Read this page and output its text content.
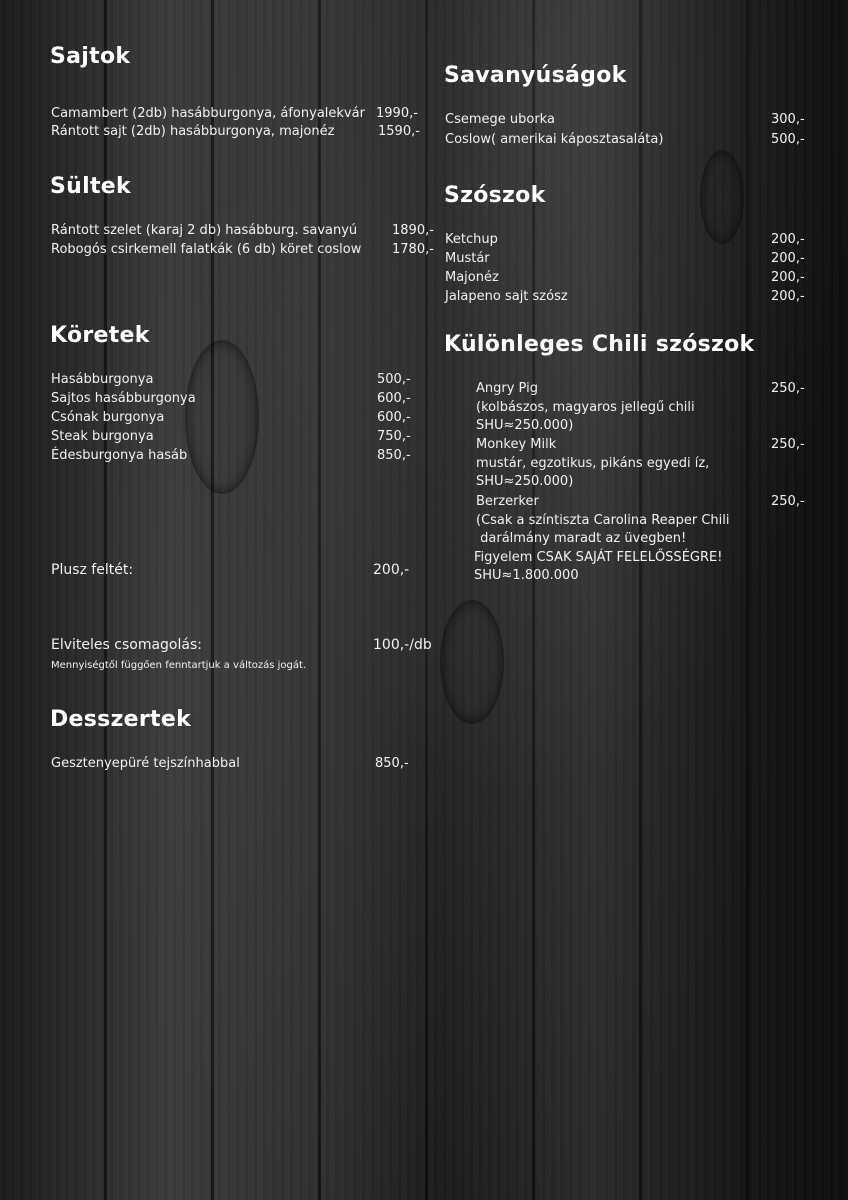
Sajtok
Camambert (2db) hasábburgonya, áfonyalekvár 1990,-
Rántott sajt (2db) hasábburgonya, majonéz	1590,-
Sültek
Rántott szelet (karaj 2 db) hasábburg. savanyú	1890,-
Robogós csirkemell falatkák (6 db) köret coslow 1780,-
Köretek
Hasábburgonya	500,-
Sajtos hasábburgonya	600,-
Csónak burgonya	600,-
Steak burgonya	750,-
Édesburgonya hasáb	850,-
Plusz feltét:	200,-
Elviteles csomagolás:	100,-/db
Mennyiségtől függően fenntartjuk a változás jogát.
Desszertek
Gesztenyepüré tejszínhabbal	850,-
Savanyúságok
Csemege uborka	300,-
Coslow( amerikai káposztasaláta)	500,-
Szószok
Ketchup	200,-
Mustár	200,-
Majonéz	200,-
Jalapeno sajt szósz	200,-
Különleges Chili szószok
Angry Pig	250,-
(kolbászos, magyaros jellegű chili
SHU≈250.000)
Monkey Milk	250,-
mustár, egzotikus, pikáns egyedi íz,
SHU≈250.000)
Berzerker	250,-
(Csak a színtiszta Carolina Reaper Chili
darálmány maradt az üvegben!
Figyelem CSAK SAJÁT FELELŐSSÉGRE!
SHU≈1.800.000
